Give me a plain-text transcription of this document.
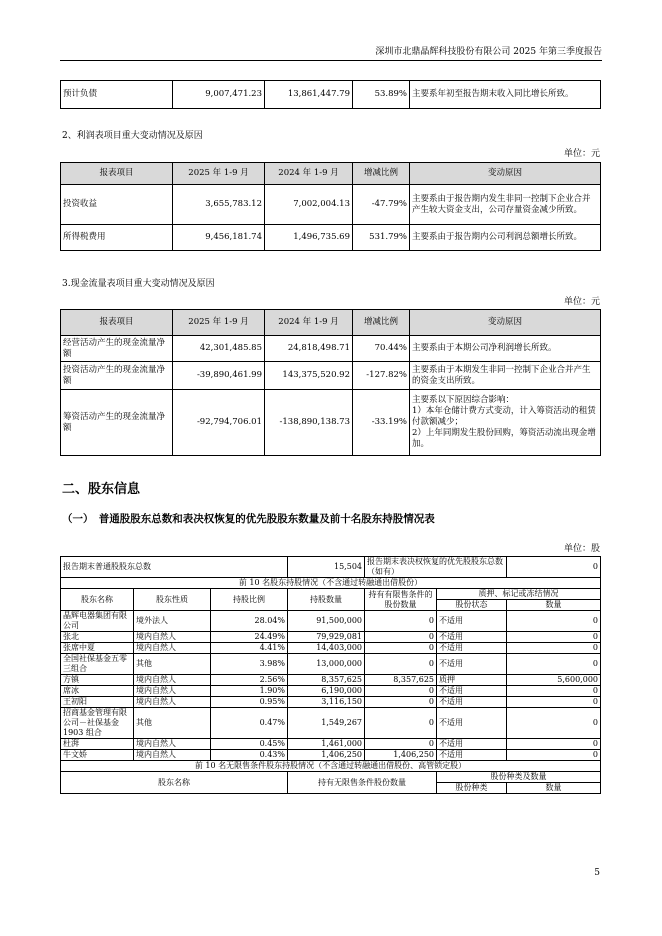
深圳市北鼎晶辉科技股份有限公司 2025 年第三季度报告
预计负债	9,007,471.23	13,861,447.79	53.89%	主要系年初至报告期末收入同比增长所致。
2、利润表项目重大变动情况及原因
单位：元
报表项目	2025 年 1-9 月	2024 年 1-9 月	增减比例	变动原因
投资收益	3,655,783.12	7,002,004.13	-47.79%	主要系由于报告期内发生非同一控制下企业合并产生较大资金支出，公司存量资金减少所致。
所得税费用	9,456,181.74	1,496,735.69	531.79%	主要系由于报告期内公司利润总额增长所致。
3.现金流量表项目重大变动情况及原因
单位：元
报表项目	2025 年 1-9 月	2024 年 1-9 月	增减比例	变动原因
经营活动产生的现金流量净额	42,301,485.85	24,818,498.71	70.44%	主要系由于本期公司净利润增长所致。
投资活动产生的现金流量净额	-39,890,461.99	143,375,520.92	-127.82%	主要系由于本期发生非同一控制下企业合并产生的资金支出所致。
筹资活动产生的现金流量净额	-92,794,706.01	-138,890,138.73	-33.19%	主要系以下原因综合影响：
1）本年仓储计费方式变动，计入筹资活动的租赁付款额减少；
2）上年同期发生股份回购，筹资活动流出现金增加。
二、股东信息
（一）　普通股股东总数和表决权恢复的优先股股东数量及前十名股东持股情况表
单位：股
报告期末普通股股东总数			15,504	报告期末表决权恢复的优先股股东总数（如有）		0
前 10 名股东持股情况（不含通过转融通出借股份）						
股东名称	股东性质	持股比例	持股数量	持有有限售条件的股份数量	质押、标记或冻结情况	
					股份状态	数量
晶辉电器集团有限公司	境外法人	28.04%	91,500,000	0	不适用	0
张北	境内自然人	24.49%	79,929,081	0	不适用	0
张席中夏	境内自然人	4.41%	14,403,000	0	不适用	0
全国社保基金五零三组合	其他	3.98%	13,000,000	0	不适用	0
方镇	境内自然人	2.56%	8,357,625	8,357,625	质押	5,600,000
席冰	境内自然人	1.90%	6,190,000	0	不适用	0
王初阳	境内自然人	0.95%	3,116,150	0	不适用	0
招商基金管理有限公司－社保基金 1903 组合	其他	0.47%	1,549,267	0	不适用	0
杜湃	境内自然人	0.45%	1,461,000	0	不适用	0
牛文娇	境内自然人	0.43%	1,406,250	1,406,250	不适用	0
前 10 名无限售条件股东持股情况（不含通过转融通出借股份、高管锁定股）						
股东名称			持有无限售条件股份数量		股份种类及数量	
					股份种类	数量
5
